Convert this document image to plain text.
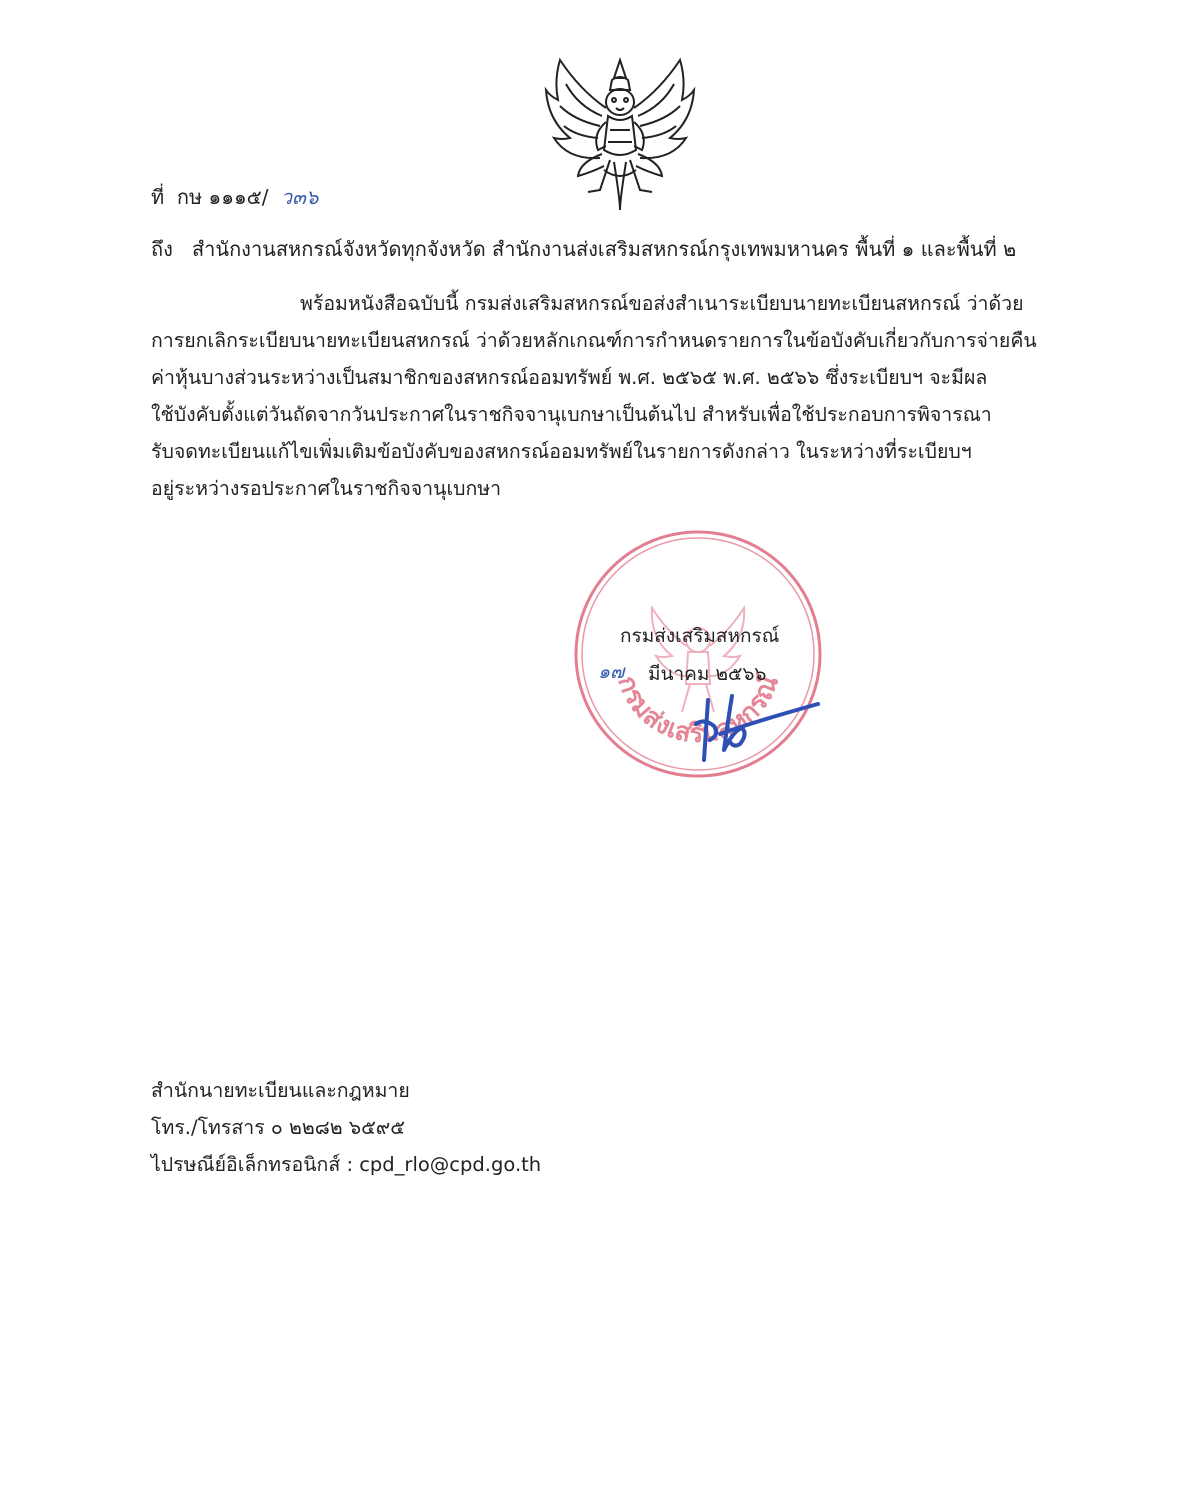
ที่ กษ ๑๑๑๕/ ว๓๖
ถึง สำนักงานสหกรณ์จังหวัดทุกจังหวัด สำนักงานส่งเสริมสหกรณ์กรุงเทพมหานคร พื้นที่ ๑ และพื้นที่ ๒
พร้อมหนังสือฉบับนี้ กรมส่งเสริมสหกรณ์ขอส่งสำเนาระเบียบนายทะเบียนสหกรณ์ ว่าด้วย
การยกเลิกระเบียบนายทะเบียนสหกรณ์ ว่าด้วยหลักเกณฑ์การกำหนดรายการในข้อบังคับเกี่ยวกับการจ่ายคืน
ค่าหุ้นบางส่วนระหว่างเป็นสมาชิกของสหกรณ์ออมทรัพย์ พ.ศ. ๒๕๖๕ พ.ศ. ๒๕๖๖ ซึ่งระเบียบฯ จะมีผล
ใช้บังคับตั้งแต่วันถัดจากวันประกาศในราชกิจจานุเบกษาเป็นต้นไป สำหรับเพื่อใช้ประกอบการพิจารณา
รับจดทะเบียนแก้ไขเพิ่มเติมข้อบังคับของสหกรณ์ออมทรัพย์ในรายการดังกล่าว ในระหว่างที่ระเบียบฯ
อยู่ระหว่างรอประกาศในราชกิจจานุเบกษา
กรมส่งเสริมสหกรณ์
กรมส่งเสริมสหกรณ์
๑๗ มีนาคม ๒๕๖๖
สำนักนายทะเบียนและกฎหมาย
โทร./โทรสาร ๐ ๒๒๘๒ ๖๕๙๕
ไปรษณีย์อิเล็กทรอนิกส์ : cpd_rlo@cpd.go.th
